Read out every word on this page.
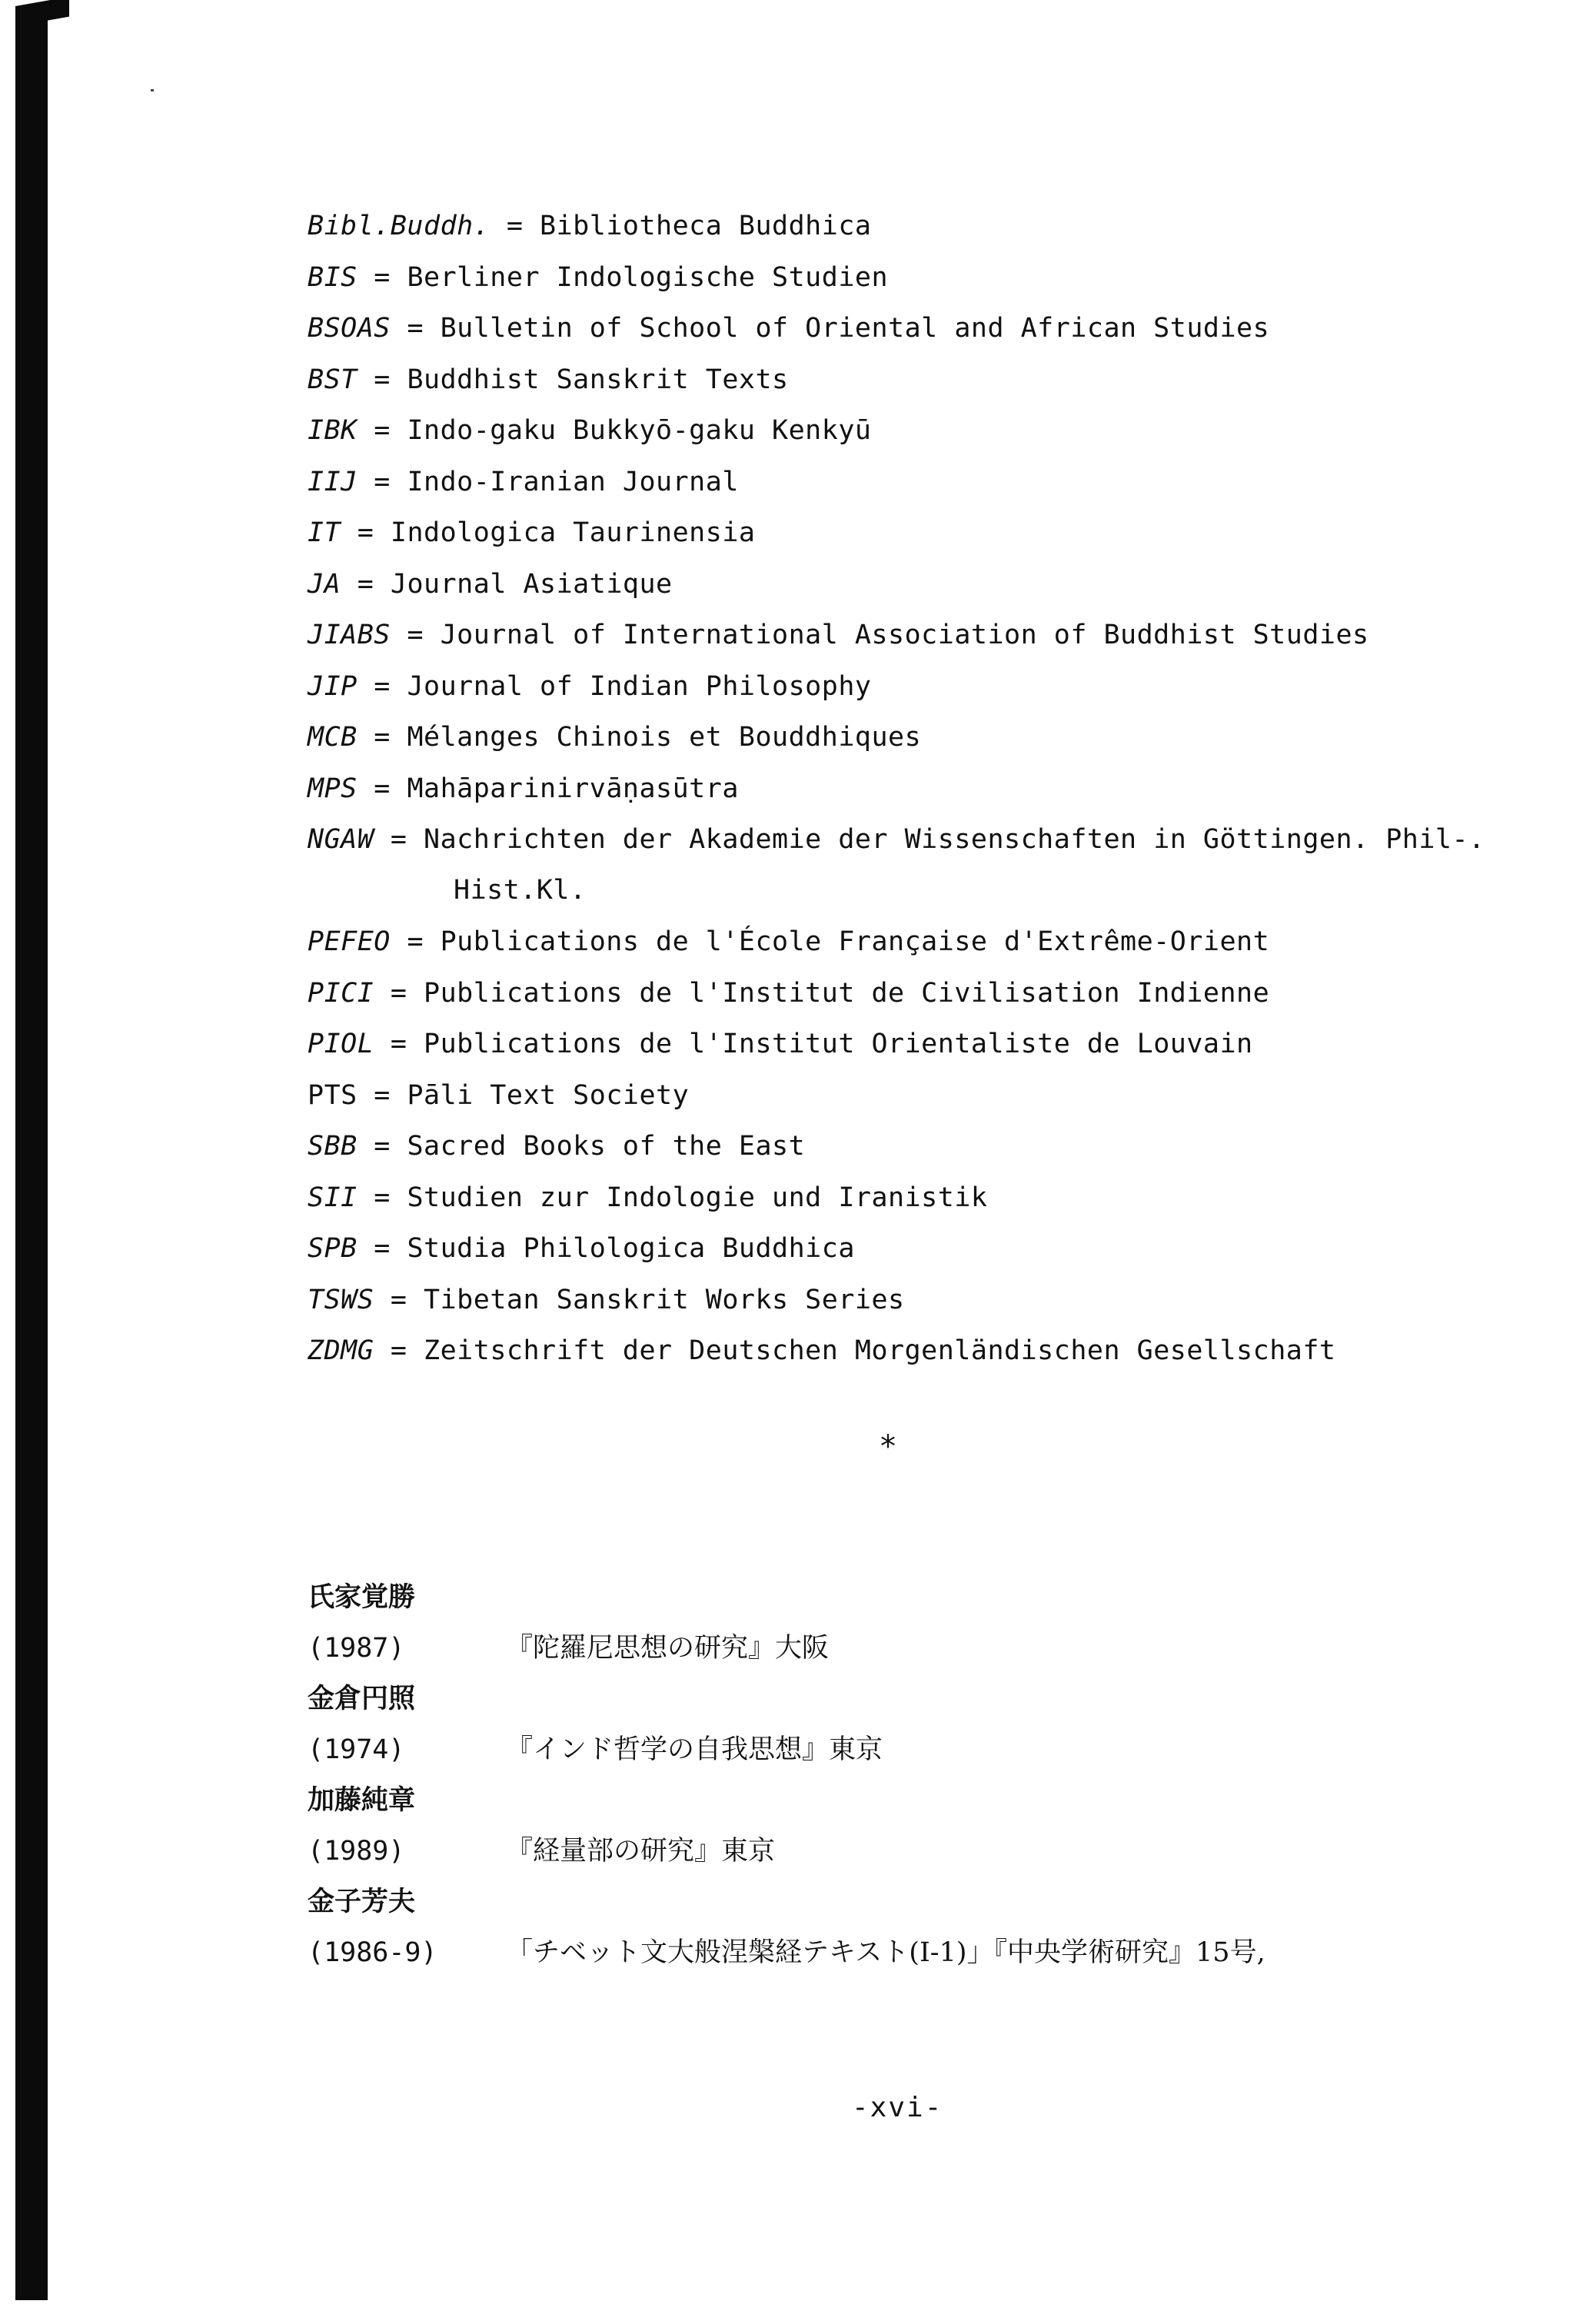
Bibl.Buddh. = Bibliotheca Buddhica
BIS = Berliner Indologische Studien
BSOAS = Bulletin of School of Oriental and African Studies
BST = Buddhist Sanskrit Texts
IBK = Indo-gaku Bukkyō-gaku Kenkyū
IIJ = Indo-Iranian Journal
IT = Indologica Taurinensia
JA = Journal Asiatique
JIABS = Journal of International Association of Buddhist Studies
JIP = Journal of Indian Philosophy
MCB = Mélanges Chinois et Bouddhiques
MPS = Mahāparinirvāṇasūtra
NGAW = Nachrichten der Akademie der Wissenschaften in Göttingen. Phil-.
Hist.Kl.
PEFEO = Publications de l'École Française d'Extrême-Orient
PICI = Publications de l'Institut de Civilisation Indienne
PIOL = Publications de l'Institut Orientaliste de Louvain
PTS = Pāli Text Society
SBB = Sacred Books of the East
SII = Studien zur Indologie und Iranistik
SPB = Studia Philologica Buddhica
TSWS = Tibetan Sanskrit Works Series
ZDMG = Zeitschrift der Deutschen Morgenländischen Gesellschaft
*
氏家覚勝
(1987)	『陀羅尼思想の研究』大阪
金倉円照
(1974)	『インド哲学の自我思想』東京
加藤純章
(1989)	『経量部の研究』東京
金子芳夫
(1986-9)	「チベット文大般涅槃経テキスト(I-1)」『中央学術研究』15号,
-xvi-
